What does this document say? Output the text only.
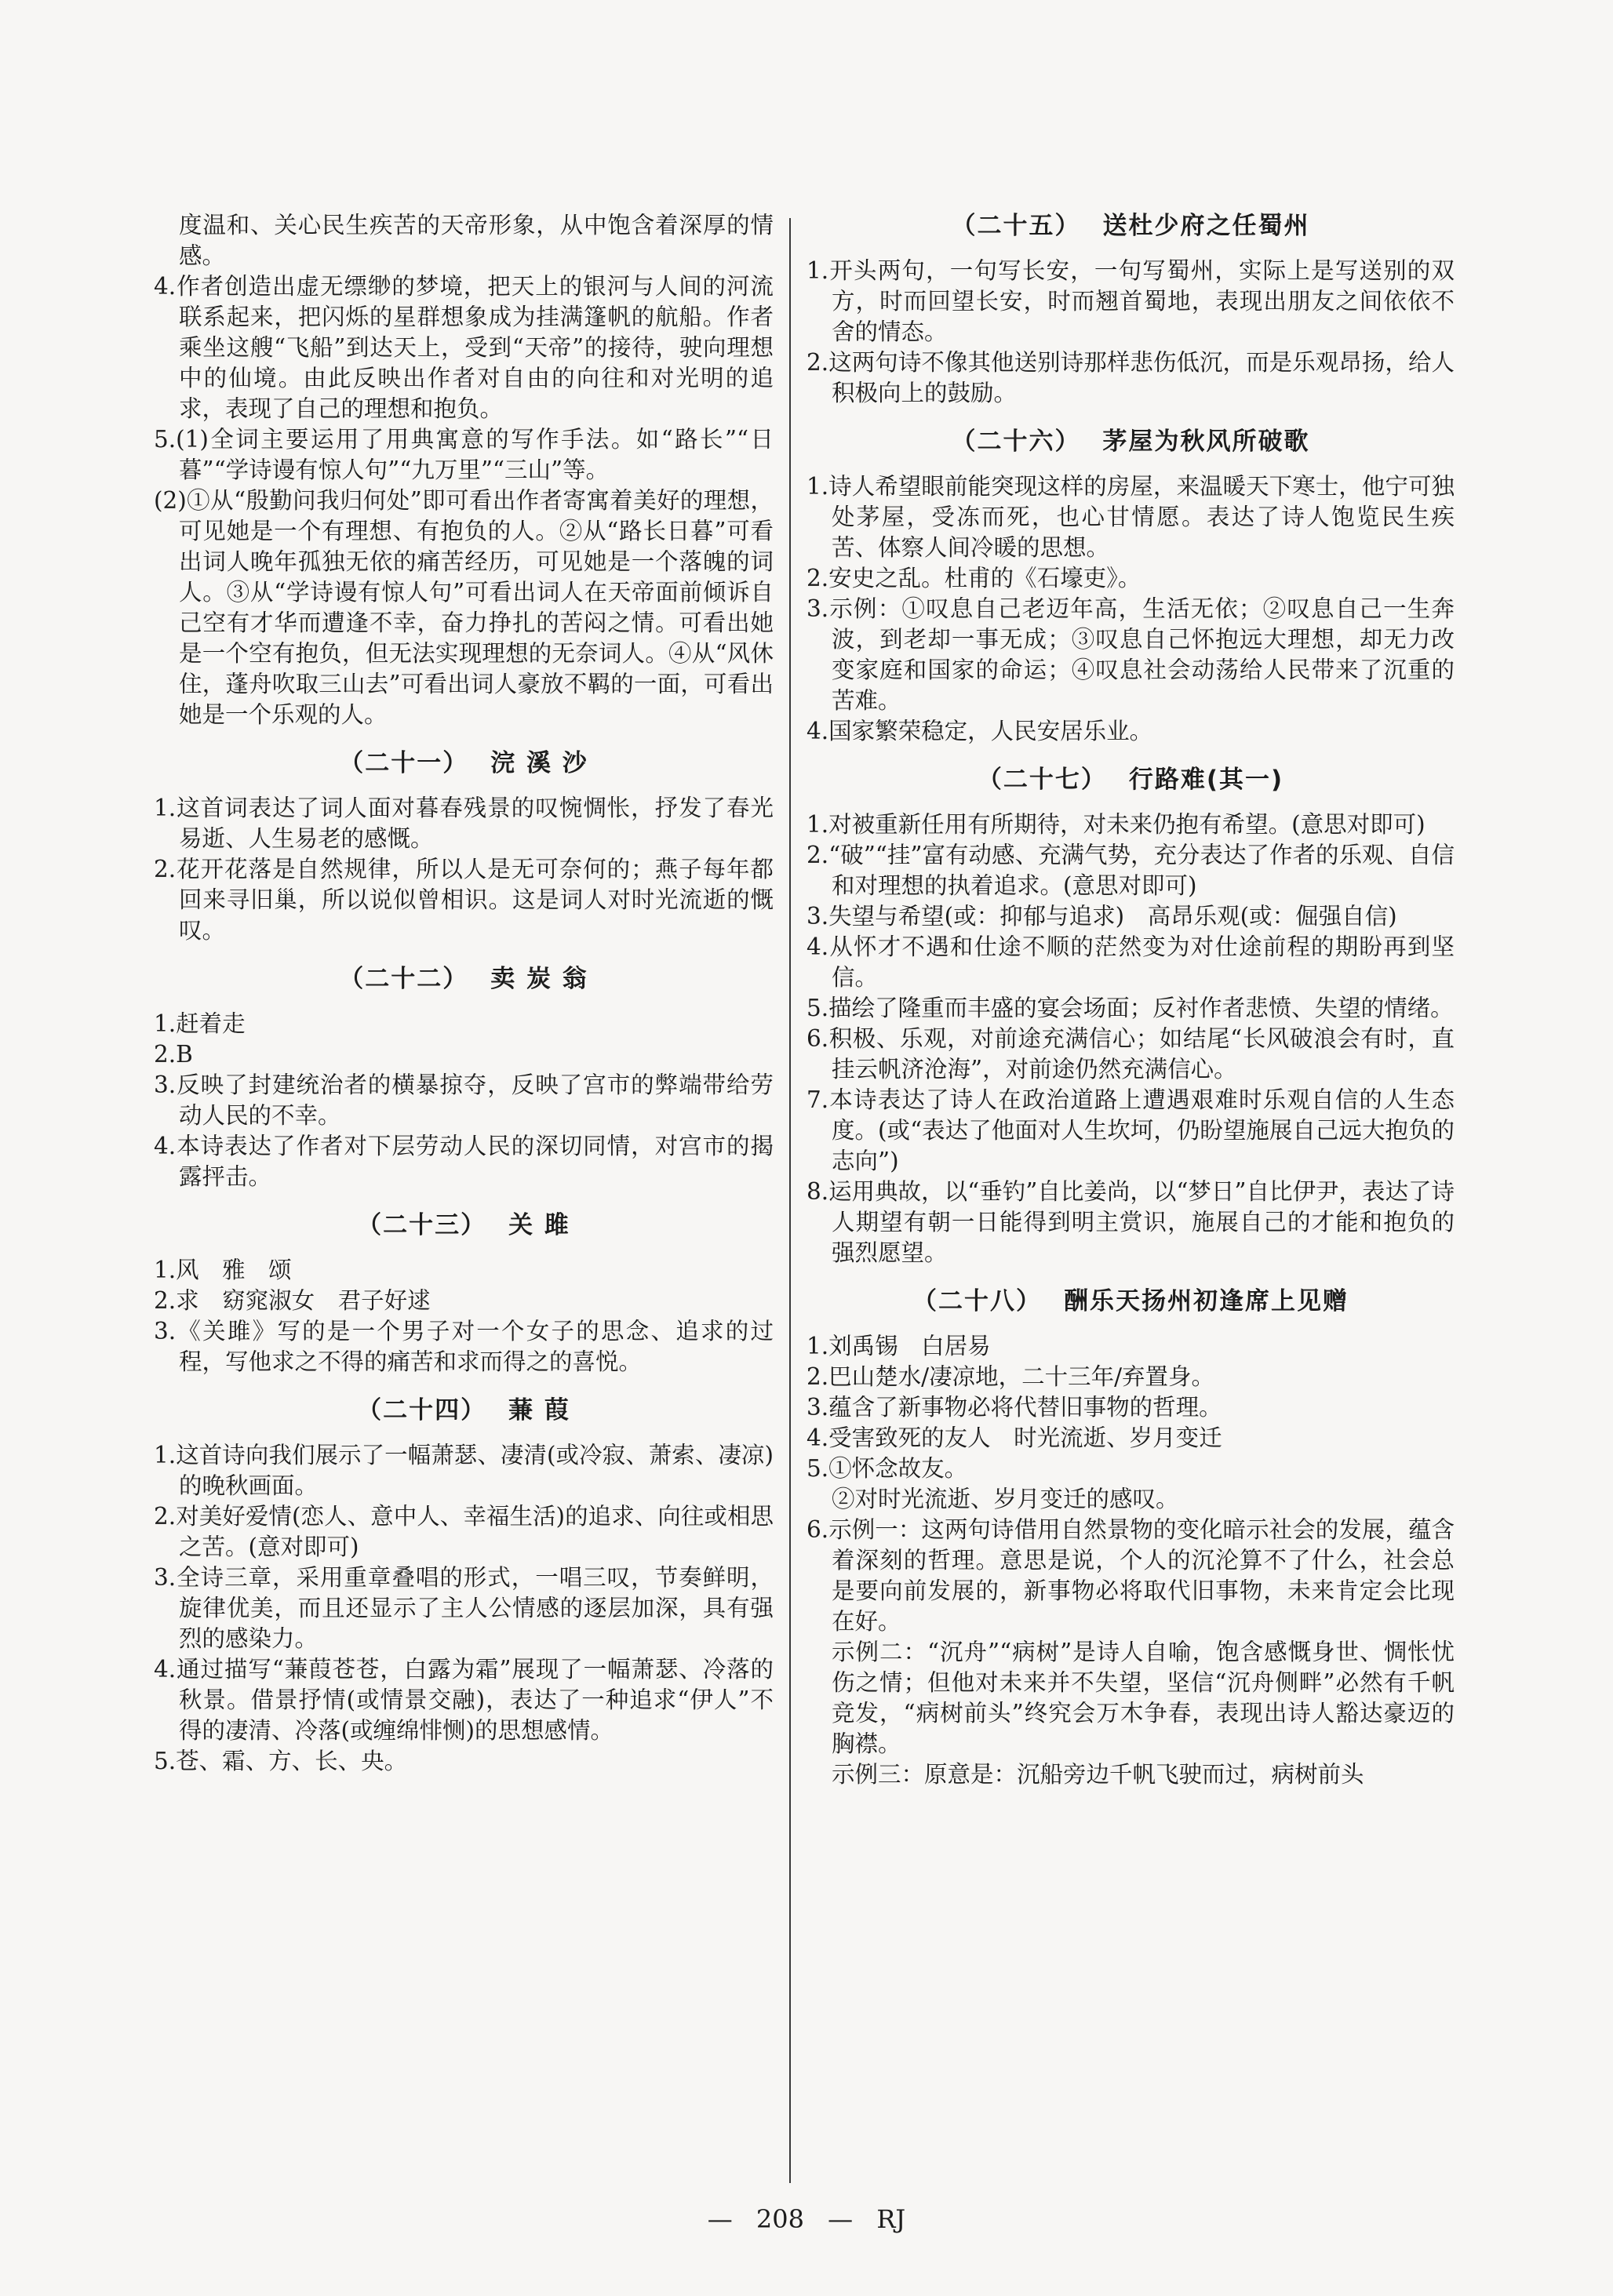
度温和、关心民生疾苦的天帝形象，从中饱含着深厚的情感。
4.作者创造出虚无缥缈的梦境，把天上的银河与人间的河流联系起来，把闪烁的星群想象成为挂满篷帆的航船。作者乘坐这艘“飞船”到达天上，受到“天帝”的接待，驶向理想中的仙境。由此反映出作者对自由的向往和对光明的追求，表现了自己的理想和抱负。
5.(1)全词主要运用了用典寓意的写作手法。如“路长”“日暮”“学诗谩有惊人句”“九万里”“三山”等。
(2)①从“殷勤问我归何处”即可看出作者寄寓着美好的理想，可见她是一个有理想、有抱负的人。②从“路长日暮”可看出词人晚年孤独无依的痛苦经历，可见她是一个落魄的词人。③从“学诗谩有惊人句”可看出词人在天帝面前倾诉自己空有才华而遭逢不幸，奋力挣扎的苦闷之情。可看出她是一个空有抱负，但无法实现理想的无奈词人。④从“风休住，蓬舟吹取三山去”可看出词人豪放不羁的一面，可看出她是一个乐观的人。
（二十一） 浣 溪 沙
1.这首词表达了词人面对暮春残景的叹惋惆怅，抒发了春光易逝、人生易老的感慨。
2.花开花落是自然规律，所以人是无可奈何的；燕子每年都回来寻旧巢，所以说似曾相识。这是词人对时光流逝的慨叹。
（二十二） 卖 炭 翁
1.赶着走
2.B
3.反映了封建统治者的横暴掠夺，反映了宫市的弊端带给劳动人民的不幸。
4.本诗表达了作者对下层劳动人民的深切同情，对宫市的揭露抨击。
（二十三） 关 雎
1.风　雅　颂
2.求　窈窕淑女　君子好逑
3.《关雎》写的是一个男子对一个女子的思念、追求的过程，写他求之不得的痛苦和求而得之的喜悦。
（二十四） 蒹 葭
1.这首诗向我们展示了一幅萧瑟、凄清(或冷寂、萧索、凄凉)的晚秋画面。
2.对美好爱情(恋人、意中人、幸福生活)的追求、向往或相思之苦。(意对即可)
3.全诗三章，采用重章叠唱的形式，一唱三叹，节奏鲜明，旋律优美，而且还显示了主人公情感的逐层加深，具有强烈的感染力。
4.通过描写“蒹葭苍苍，白露为霜”展现了一幅萧瑟、冷落的秋景。借景抒情(或情景交融)，表达了一种追求“伊人”不得的凄清、冷落(或缠绵悱恻)的思想感情。
5.苍、霜、方、长、央。
（二十五） 送杜少府之任蜀州
1.开头两句，一句写长安，一句写蜀州，实际上是写送别的双方，时而回望长安，时而翘首蜀地，表现出朋友之间依依不舍的情态。
2.这两句诗不像其他送别诗那样悲伤低沉，而是乐观昂扬，给人积极向上的鼓励。
（二十六） 茅屋为秋风所破歌
1.诗人希望眼前能突现这样的房屋，来温暖天下寒士，他宁可独处茅屋，受冻而死，也心甘情愿。表达了诗人饱览民生疾苦、体察人间冷暖的思想。
2.安史之乱。杜甫的《石壕吏》。
3.示例：①叹息自己老迈年高，生活无依；②叹息自己一生奔波，到老却一事无成；③叹息自己怀抱远大理想，却无力改变家庭和国家的命运；④叹息社会动荡给人民带来了沉重的苦难。
4.国家繁荣稳定，人民安居乐业。
（二十七） 行路难(其一)
1.对被重新任用有所期待，对未来仍抱有希望。(意思对即可)
2.“破”“挂”富有动感、充满气势，充分表达了作者的乐观、自信和对理想的执着追求。(意思对即可)
3.失望与希望(或：抑郁与追求)　高昂乐观(或：倔强自信)
4.从怀才不遇和仕途不顺的茫然变为对仕途前程的期盼再到坚信。
5.描绘了隆重而丰盛的宴会场面；反衬作者悲愤、失望的情绪。
6.积极、乐观，对前途充满信心；如结尾“长风破浪会有时，直挂云帆济沧海”，对前途仍然充满信心。
7.本诗表达了诗人在政治道路上遭遇艰难时乐观自信的人生态度。(或“表达了他面对人生坎坷，仍盼望施展自己远大抱负的志向”)
8.运用典故，以“垂钓”自比姜尚，以“梦日”自比伊尹，表达了诗人期望有朝一日能得到明主赏识，施展自己的才能和抱负的强烈愿望。
（二十八） 酬乐天扬州初逢席上见赠
1.刘禹锡　白居易
2.巴山楚水/凄凉地，二十三年/弃置身。
3.蕴含了新事物必将代替旧事物的哲理。
4.受害致死的友人　时光流逝、岁月变迁
5.①怀念故友。
②对时光流逝、岁月变迁的感叹。
6.示例一：这两句诗借用自然景物的变化暗示社会的发展，蕴含着深刻的哲理。意思是说，个人的沉沦算不了什么，社会总是要向前发展的，新事物必将取代旧事物，未来肯定会比现在好。
示例二：“沉舟”“病树”是诗人自喻，饱含感慨身世、惆怅忧伤之情；但他对未来并不失望，坚信“沉舟侧畔”必然有千帆竞发，“病树前头”终究会万木争春，表现出诗人豁达豪迈的胸襟。
示例三：原意是：沉船旁边千帆飞驶而过，病树前头
— 208 — RJ
